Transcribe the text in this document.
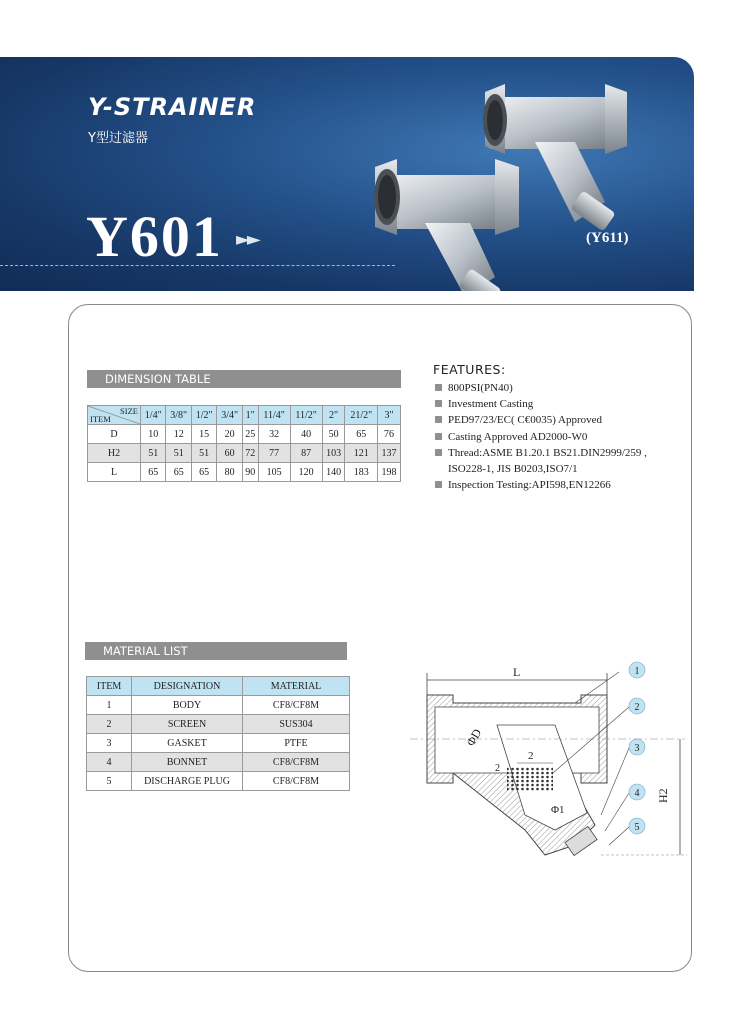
Y-STRAINER
Y型过滤器
Y601 ►►	(Y611)
DIMENSION TABLE
SIZE
ITEM	1/4"	3/8"	1/2"	3/4"	1"	11/4"	11/2"	2"	21/2"	3"
D	10	12	15	20	25	32	40	50	65	76
H2	51	51	51	60	72	77	87	103	121	137
L	65	65	65	80	90	105	120	140	183	198
FEATURES:
800PSI(PN40)
Investment Casting
PED97/23/EC( C€0035) Approved
Casting Approved AD2000-W0
Thread:ASME B1.20.1 BS21.DIN2999/259 ,
ISO228-1, JIS B0203,ISO7/1
Inspection Testing:API598,EN12266
MATERIAL LIST
ITEM	DESIGNATION	MATERIAL
1	BODY	CF8/CF8M
2	SCREEN	SUS304
3	GASKET	PTFE
4	BONNET	CF8/CF8M
5	DISCHARGE PLUG	CF8/CF8M
L
ΦD
2
2
Φ1
H2
1
2
3
4
5
